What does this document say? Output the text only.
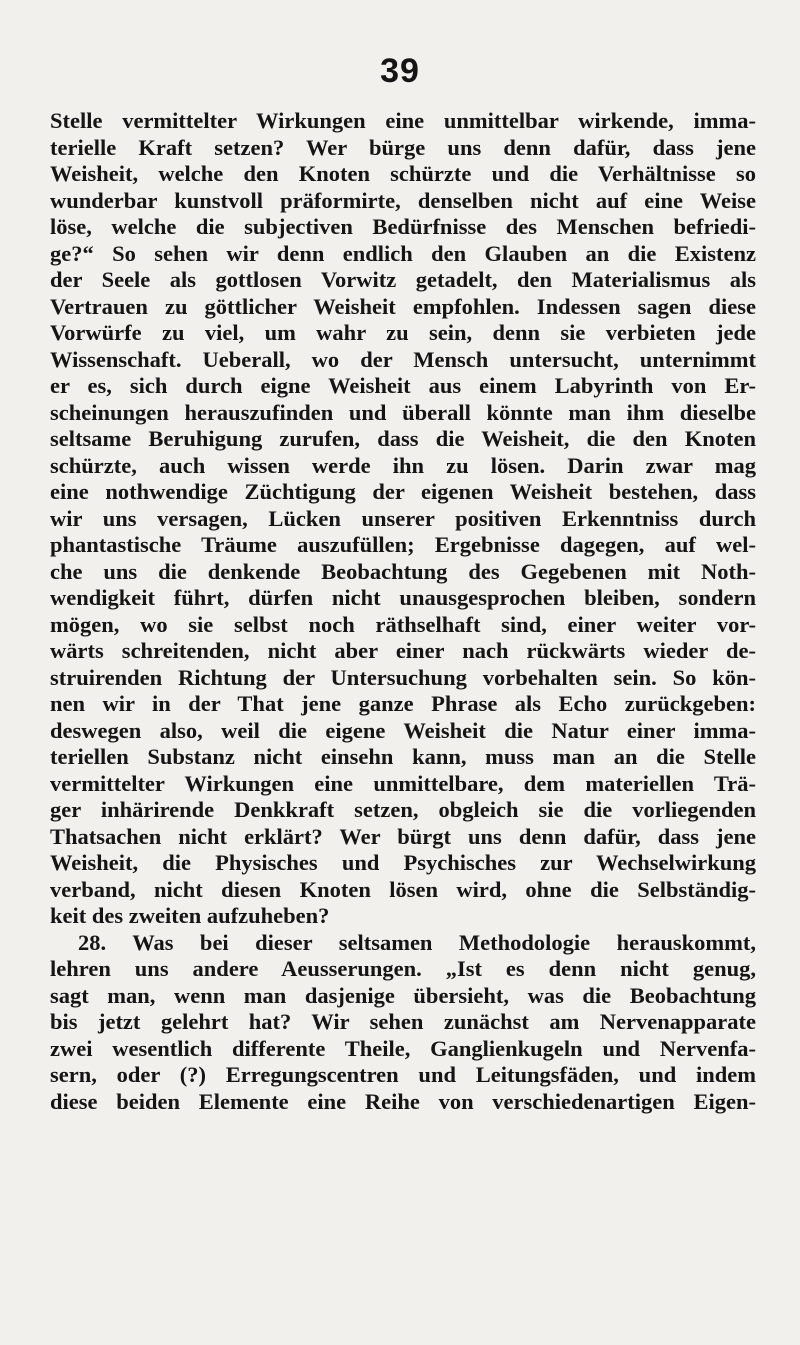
39
Stelle vermittelter Wirkungen eine unmittelbar wirkende, imma-
terielle Kraft setzen? Wer bürge uns denn dafür, dass jene
Weisheit, welche den Knoten schürzte und die Verhältnisse so
wunderbar kunstvoll präformirte, denselben nicht auf eine Weise
löse, welche die subjectiven Bedürfnisse des Menschen befriedi-
ge?“ So sehen wir denn endlich den Glauben an die Existenz
der Seele als gottlosen Vorwitz getadelt, den Materialismus als
Vertrauen zu göttlicher Weisheit empfohlen. Indessen sagen diese
Vorwürfe zu viel, um wahr zu sein, denn sie verbieten jede
Wissenschaft. Ueberall, wo der Mensch untersucht, unternimmt
er es, sich durch eigne Weisheit aus einem Labyrinth von Er-
scheinungen herauszufinden und überall könnte man ihm dieselbe
seltsame Beruhigung zurufen, dass die Weisheit, die den Knoten
schürzte, auch wissen werde ihn zu lösen. Darin zwar mag
eine nothwendige Züchtigung der eigenen Weisheit bestehen, dass
wir uns versagen, Lücken unserer positiven Erkenntniss durch
phantastische Träume auszufüllen; Ergebnisse dagegen, auf wel-
che uns die denkende Beobachtung des Gegebenen mit Noth-
wendigkeit führt, dürfen nicht unausgesprochen bleiben, sondern
mögen, wo sie selbst noch räthselhaft sind, einer weiter vor-
wärts schreitenden, nicht aber einer nach rückwärts wieder de-
struirenden Richtung der Untersuchung vorbehalten sein. So kön-
nen wir in der That jene ganze Phrase als Echo zurückgeben:
deswegen also, weil die eigene Weisheit die Natur einer imma-
teriellen Substanz nicht einsehn kann, muss man an die Stelle
vermittelter Wirkungen eine unmittelbare, dem materiellen Trä-
ger inhärirende Denkkraft setzen, obgleich sie die vorliegenden
Thatsachen nicht erklärt? Wer bürgt uns denn dafür, dass jene
Weisheit, die Physisches und Psychisches zur Wechselwirkung
verband, nicht diesen Knoten lösen wird, ohne die Selbständig-
keit des zweiten aufzuheben?
28. Was bei dieser seltsamen Methodologie herauskommt,
lehren uns andere Aeusserungen. „Ist es denn nicht genug,
sagt man, wenn man dasjenige übersieht, was die Beobachtung
bis jetzt gelehrt hat? Wir sehen zunächst am Nervenapparate
zwei wesentlich differente Theile, Ganglienkugeln und Nervenfa-
sern, oder (?) Erregungscentren und Leitungsfäden, und indem
diese beiden Elemente eine Reihe von verschiedenartigen Eigen-
